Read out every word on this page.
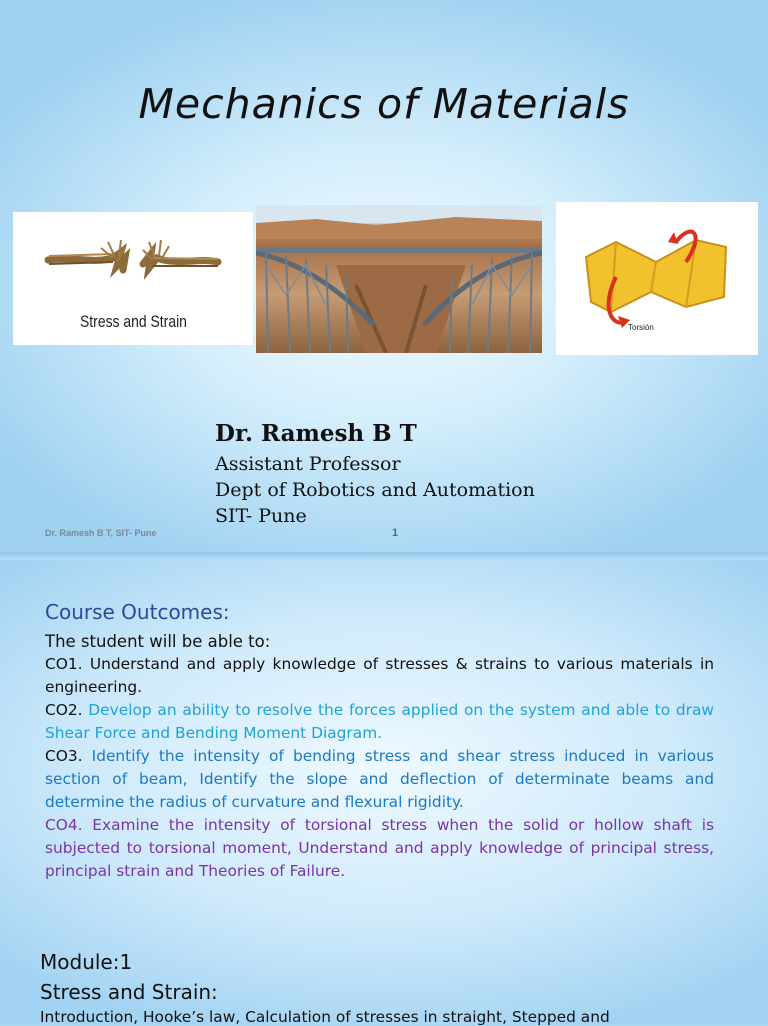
Mechanics of Materials
Stress and Strain	Torsión
Dr. Ramesh B T
Assistant Professor
Dept of Robotics and Automation
SIT- Pune
Dr. Ramesh B T, SIT- Pune	1
Course Outcomes:

The student will be able to:

CO1. Understand and apply knowledge of stresses & strains to various materials in engineering.

CO2. Develop an ability to resolve the forces applied on the system and able to draw Shear Force and Bending Moment Diagram.

CO3. Identify the intensity of bending stress and shear stress induced in various section of beam, Identify the slope and deflection of determinate beams and determine the radius of curvature and flexural rigidity.

CO4. Examine the intensity of torsional stress when the solid or hollow shaft is subjected to torsional moment, Understand and apply knowledge of principal stress, principal strain and Theories of Failure.

Module:1
Stress and Strain:
Introduction, Hooke’s law, Calculation of stresses in straight, Stepped and
